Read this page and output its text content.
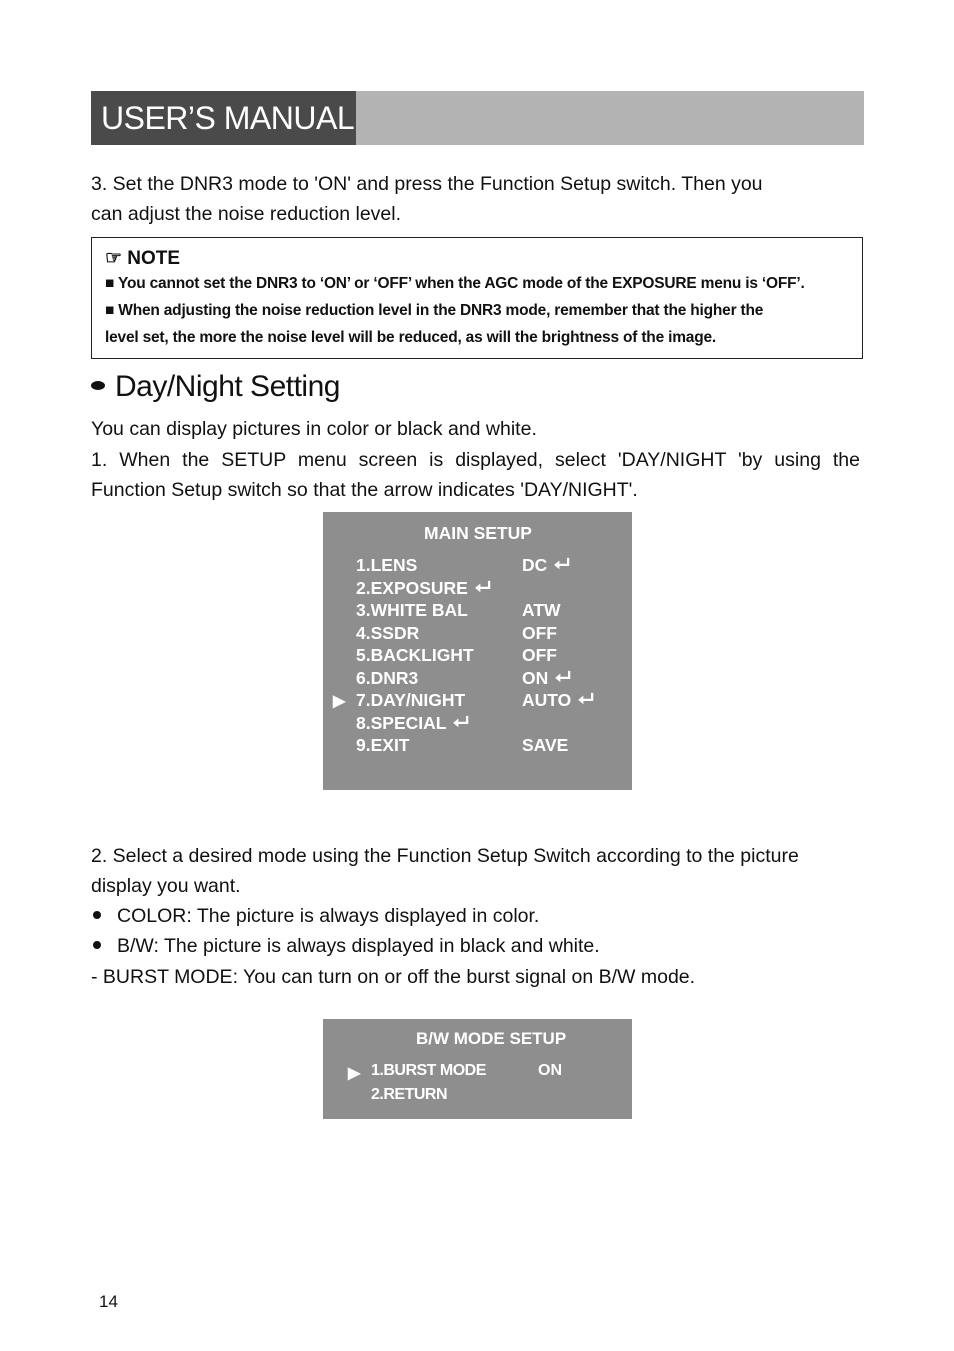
USER’S MANUAL
3. Set the DNR3 mode to 'ON' and press the Function Setup switch. Then you
can adjust the noise reduction level.
☞ NOTE
■ You cannot set the DNR3 to ‘ON’ or ‘OFF’ when the AGC mode of the EXPOSURE menu is ‘OFF’.
■ When adjusting the noise reduction level in the DNR3 mode, remember that the higher the
level set, the more the noise level will be reduced, as will the brightness of the image.
Day/Night Setting
You can display pictures in color or black and white.
1. When the SETUP menu screen is displayed, select 'DAY/NIGHT 'by using the Function Setup switch so that the arrow indicates 'DAY/NIGHT'.
MAIN SETUP
1.LENS	DC
2.EXPOSURE
3.WHITE BAL	ATW
4.SSDR	OFF
5.BACKLIGHT	OFF
6.DNR3	ON
▶ 7.DAY/NIGHT	AUTO
8.SPECIAL
9.EXIT	SAVE
2. Select a desired mode using the Function Setup Switch according to the picture
display you want.
COLOR: The picture is always displayed in color.
B/W: The picture is always displayed in black and white.
- BURST MODE: You can turn on or off the burst signal on B/W mode.
B/W MODE SETUP
▶ 1.BURST MODE	ON
2.RETURN
14
